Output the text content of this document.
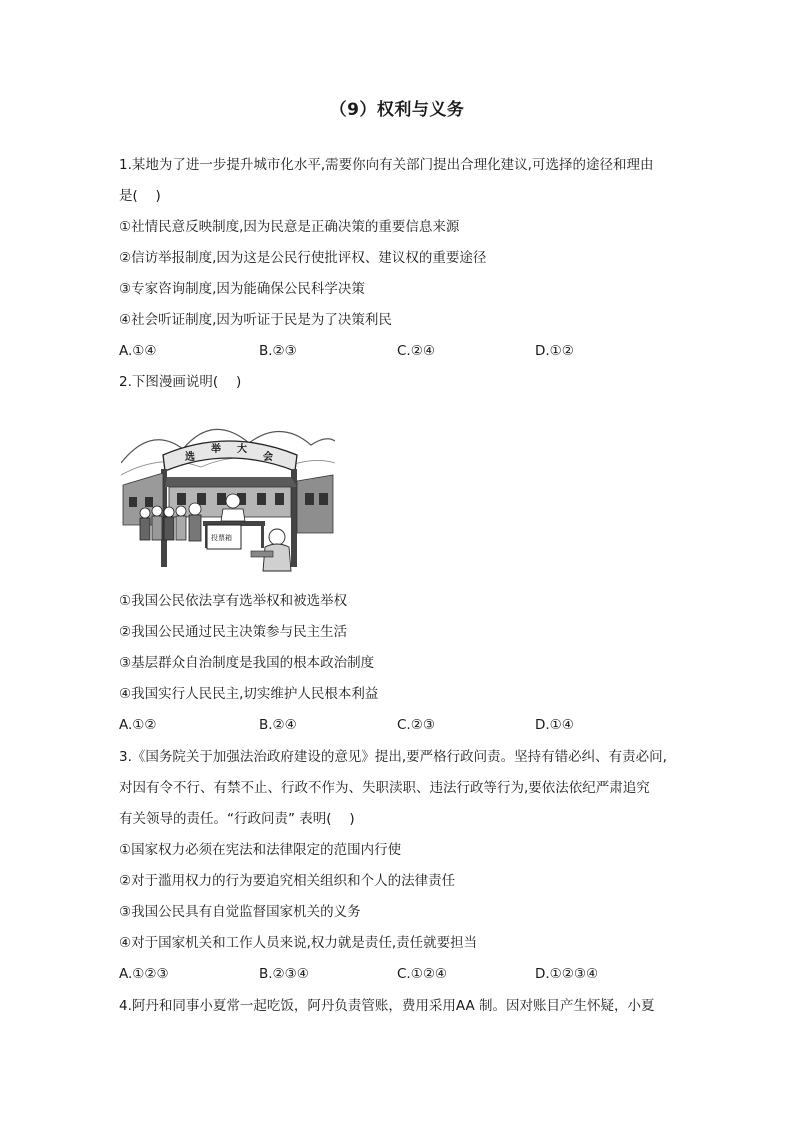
（9）权利与义务
1.某地为了进一步提升城市化水平,需要你向有关部门提出合理化建议,可选择的途径和理由
是(　 )
①社情民意反映制度,因为民意是正确决策的重要信息来源
②信访举报制度,因为这是公民行使批评权、建议权的重要途径
③专家咨询制度,因为能确保公民科学决策
④社会听证制度,因为听证于民是为了决策利民
A.①④	B.②③	C.②④	D.①②
2.下图漫画说明(　 )
选
举 大
会
投票箱
①我国公民依法享有选举权和被选举权
②我国公民通过民主决策参与民主生活
③基层群众自治制度是我国的根本政治制度
④我国实行人民民主,切实维护人民根本利益
A.①②	B.②④	C.②③	D.①④
3.《国务院关于加强法治政府建设的意见》提出,要严格行政问责。坚持有错必纠、有责必问,
对因有令不行、有禁不止、行政不作为、失职渎职、违法行政等行为,要依法依纪严肃追究
有关领导的责任。“行政问责” 表明(　 )
①国家权力必须在宪法和法律限定的范围内行使
②对于滥用权力的行为要追究相关组织和个人的法律责任
③我国公民具有自觉监督国家机关的义务
④对于国家机关和工作人员来说,权力就是责任,责任就要担当
A.①②③	B.②③④	C.①②④	D.①②③④
4.阿丹和同事小夏常一起吃饭，阿丹负责管账，费用采用AA 制。因对账目产生怀疑，小夏
